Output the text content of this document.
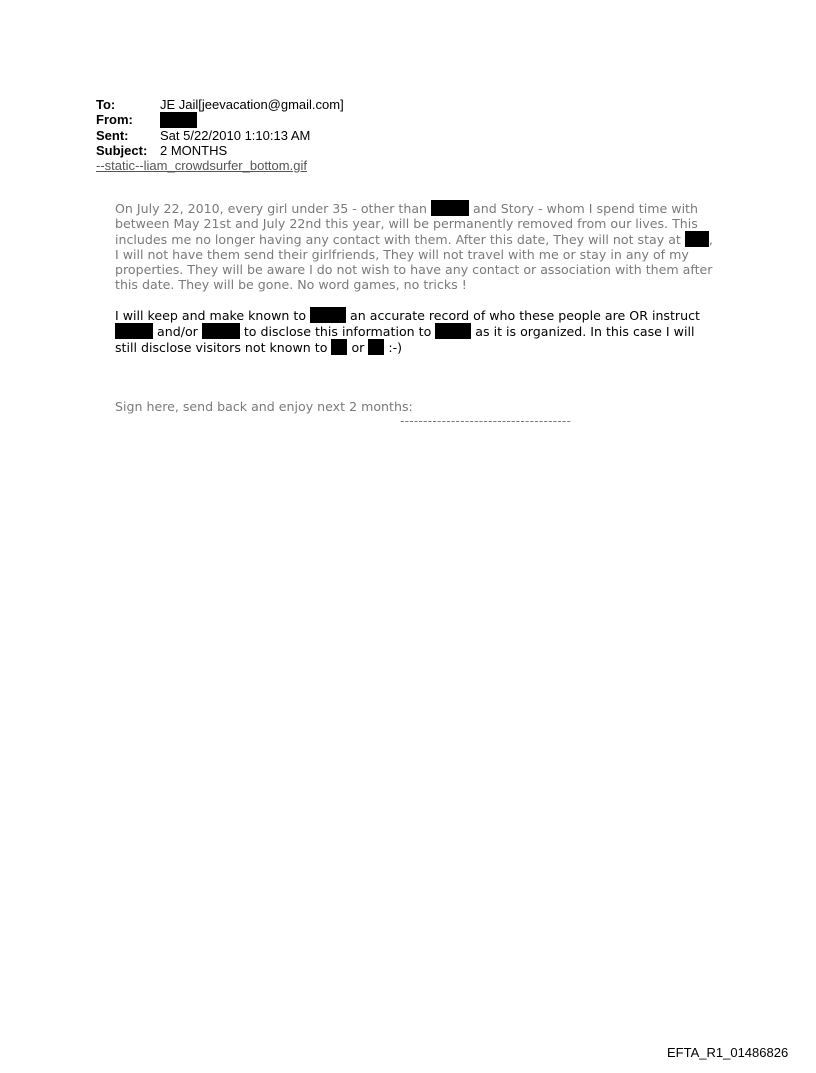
To:	JE Jail[jeevacation@gmail.com]
From:
Sent:	Sat 5/22/2010 1:10:13 AM
Subject: 2 MONTHS
--static--liam_crowdsurfer_bottom.gif

On July 22, 2010, every girl under 35 - other than	and Story - whom I spend time with between May 21st and July 22nd this year, will be permanently removed from our lives. This includes me no longer having any contact with them. After this date, They will not stay at , I will not have them send their girlfriends, They will not travel with me or stay in any of my properties. They will be aware I do not wish to have any contact or association with them after this date. They will be gone. No word games, no tricks !

I will keep and make known to	an accurate record of who these people are OR instruct  and/or	to disclose this information to	as it is organized. In this case I will still disclose visitors not known to  or  :-)

Sign here, send back and enjoy next 2 months:

-------------------------------------
EFTA_R1_01486826
